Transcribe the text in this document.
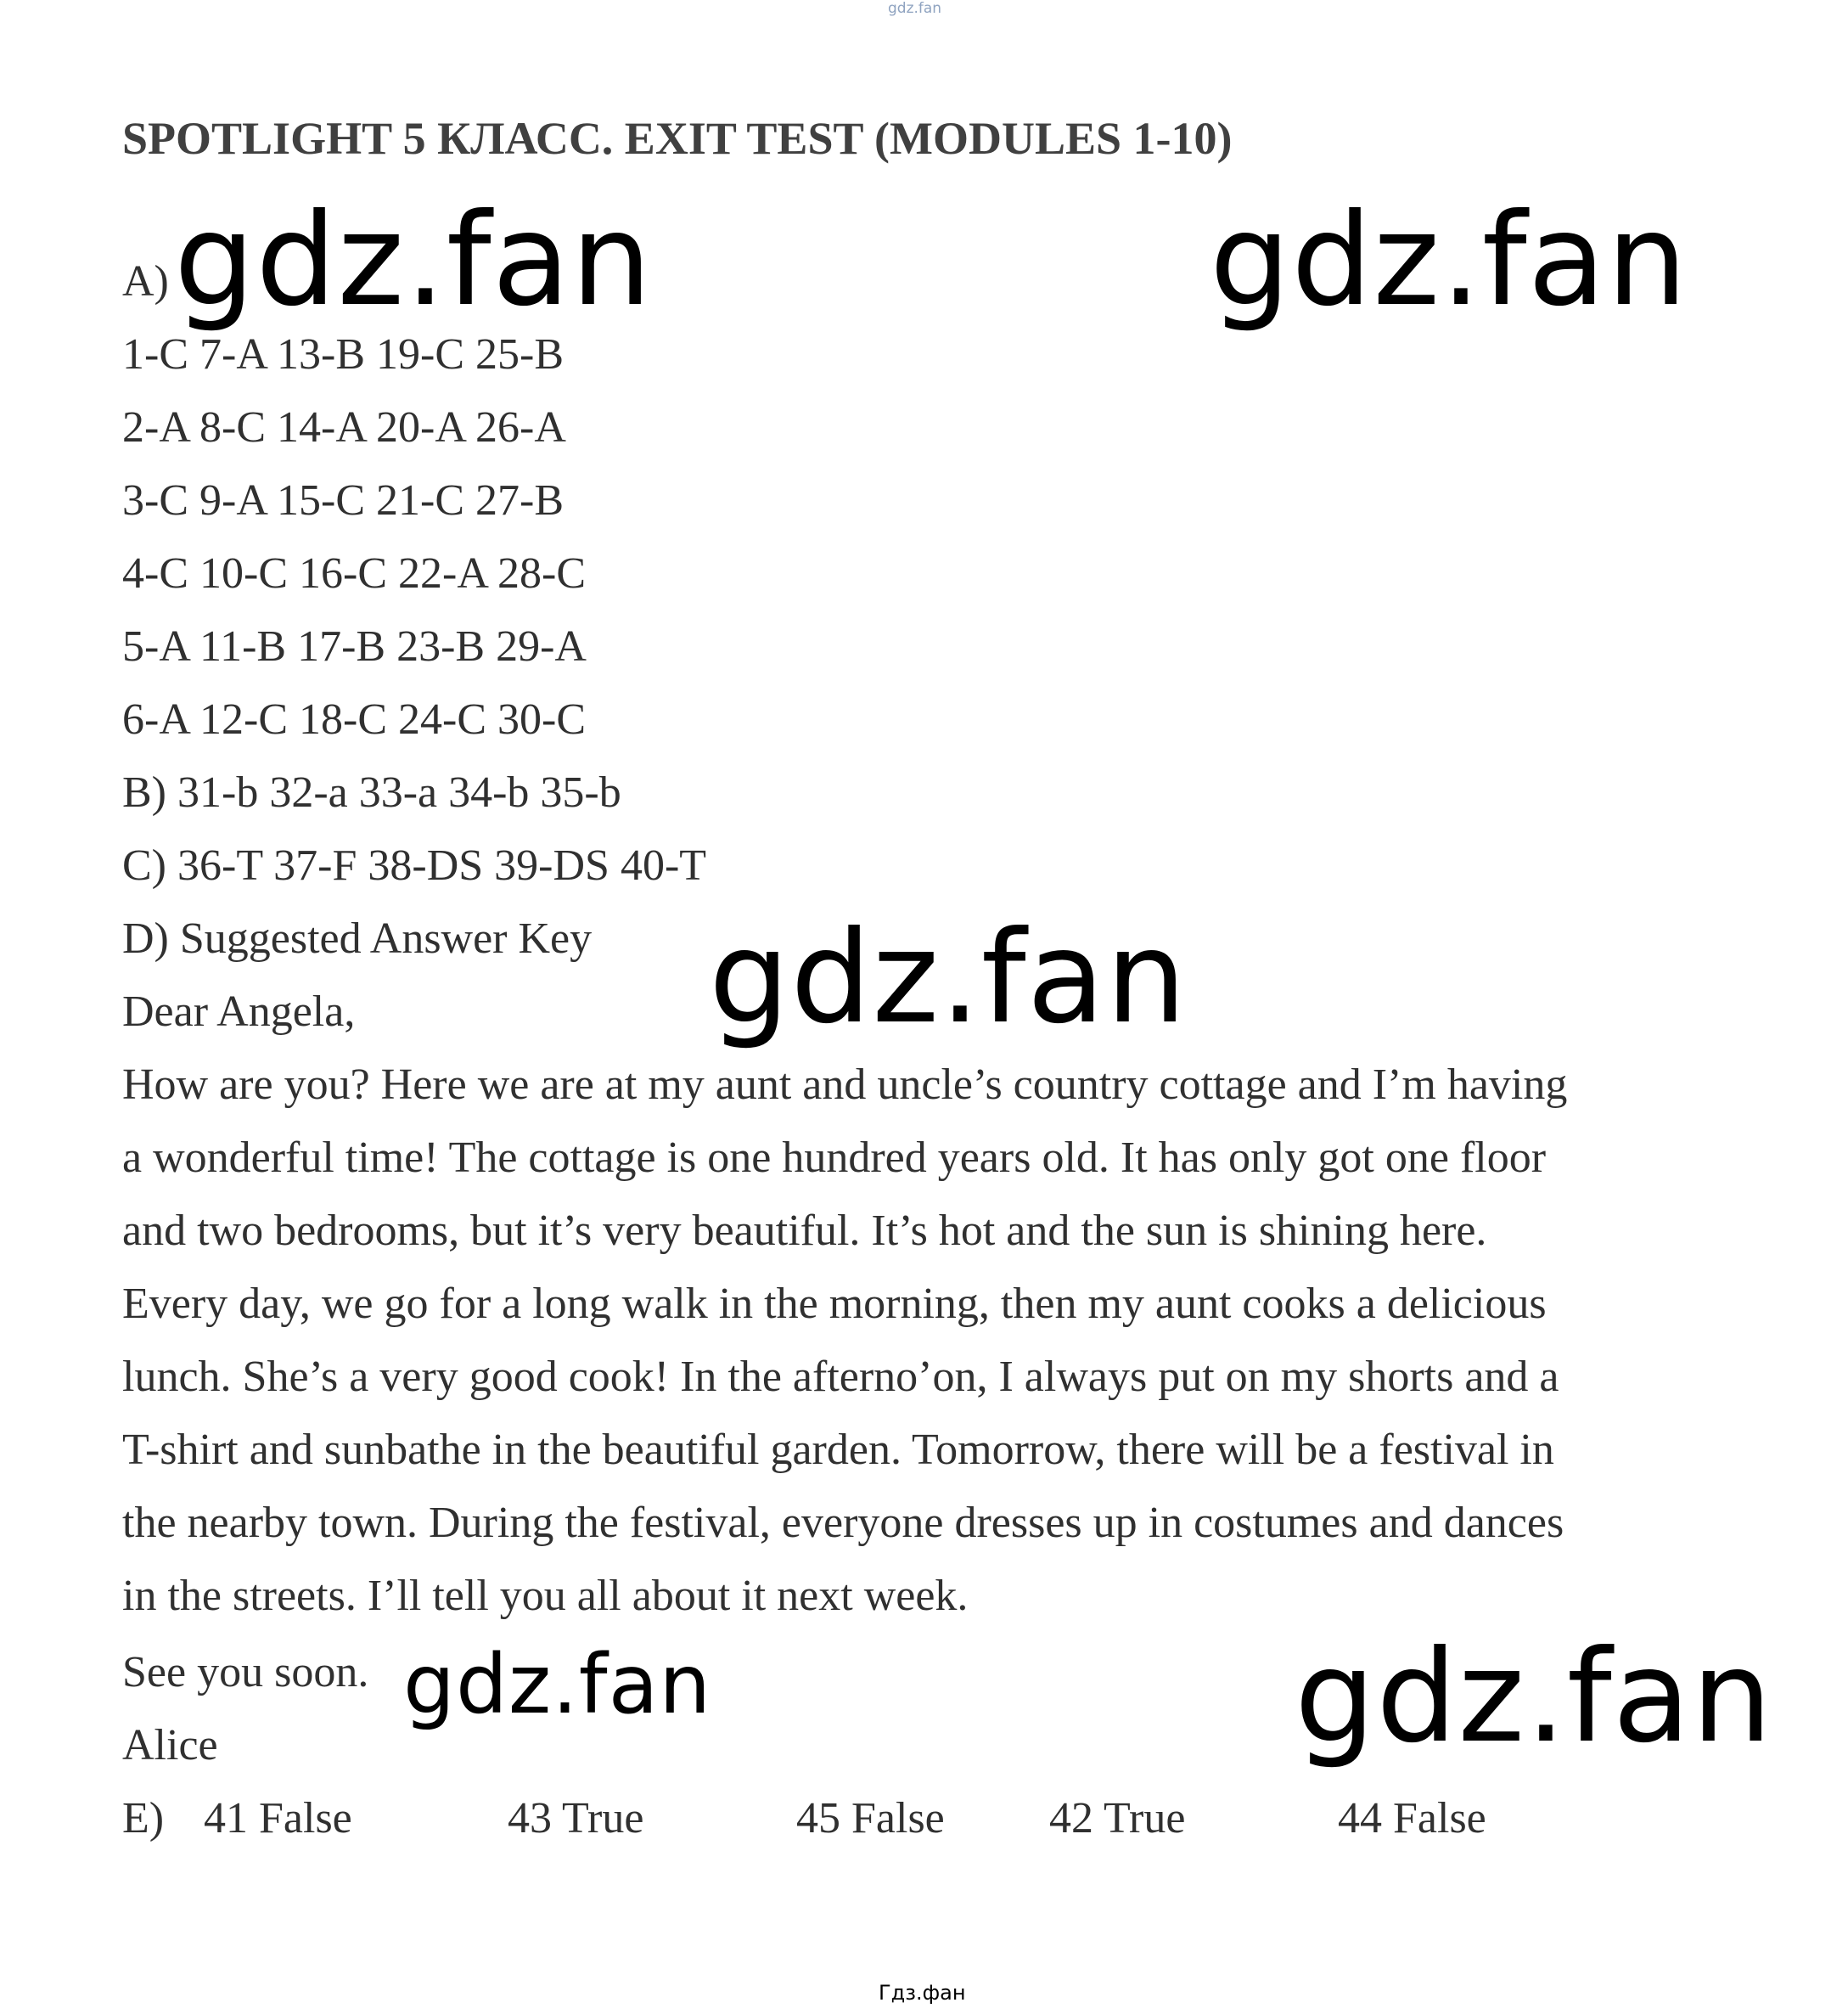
gdz.fan
SPOTLIGHT 5 КЛАСС. EXIT TEST (MODULES 1-10)
A)
1-C 7-A 13-B 19-C 25-B
2-A 8-C 14-A 20-A 26-A
3-C 9-A 15-C 21-C 27-B
4-C 10-C 16-C 22-A 28-C
5-A 11-B 17-B 23-B 29-A
6-A 12-C 18-C 24-C 30-C
B) 31-b 32-a 33-a 34-b 35-b
C) 36-T 37-F 38-DS 39-DS 40-T
D) Suggested Answer Key
Dear Angela,
How are you? Here we are at my aunt and uncle’s country cottage and I’m having
a wonderful time! The cottage is one hundred years old. It has only got one floor
and two bedrooms, but it’s very beautiful. It’s hot and the sun is shining here.
Every day, we go for a long walk in the morning, then my aunt cooks a delicious
lunch. She’s a very good cook! In the afterno’on, I always put on my shorts and a
T-shirt and sunbathe in the beautiful garden. Tomorrow, there will be a festival in
the nearby town. During the festival, everyone dresses up in costumes and dances
in the streets. I’ll tell you all about it next week.
See you soon.
Alice
E) 41 False	43 True	45 False 42 True	44 False
gdz.fan	gdz.fan
gdz.fan
gdz.fan	gdz.fan
Гдз.фан
